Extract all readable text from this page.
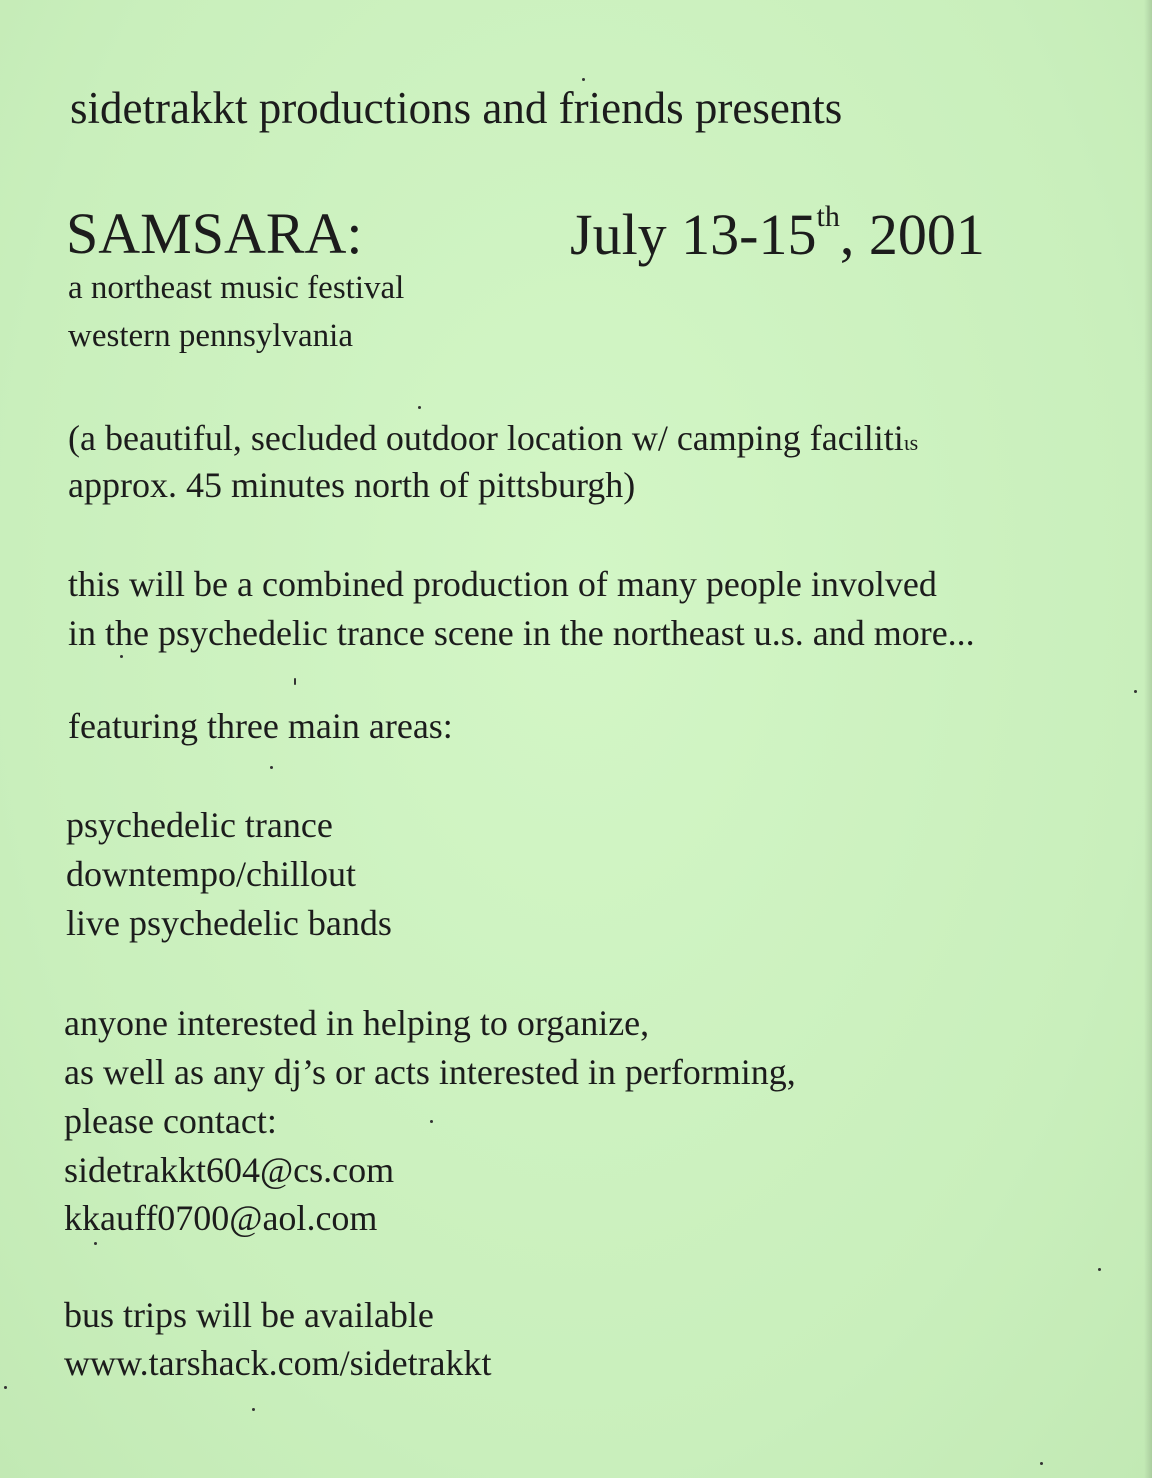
sidetrakkt productions and friends presents
SAMSARA:	July 13-15th, 2001
a northeast music festival
western pennsylvania
(a beautiful, secluded outdoor location w/ camping facilitiιs
approx. 45 minutes north of pittsburgh)
this will be a combined production of many people involved
in the psychedelic trance scene in the northeast u.s. and more...
featuring three main areas:
psychedelic trance
downtempo/chillout
live psychedelic bands
anyone interested in helping to organize,
as well as any dj’s or acts interested in performing,
please contact:
sidetrakkt604@cs.com
kkauff0700@aol.com
bus trips will be available
www.tarshack.com/sidetrakkt
